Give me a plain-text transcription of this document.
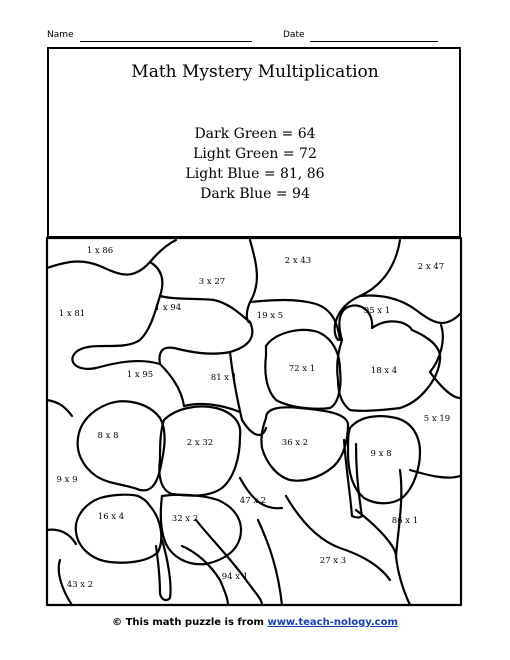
Name	Date
Math Mystery Multiplication
Dark Green = 64
Light Green = 72
Light Blue = 81, 86
Dark Blue = 94
1 x 86
2 x 43
2 x 47
3 x 27
1 x 81
1 x 94
19 x 5	95 x 1
72 x 1	18 x 4
1 x 95	81 x 1
8 x 8
2 x 32	36 x 2
5 x 19
9 x 8
9 x 9
47 x 2
16 x 4	32 x 2	86 x 1
27 x 3
94 x 1
43 x 2
© This math puzzle is from www.teach-nology.com
